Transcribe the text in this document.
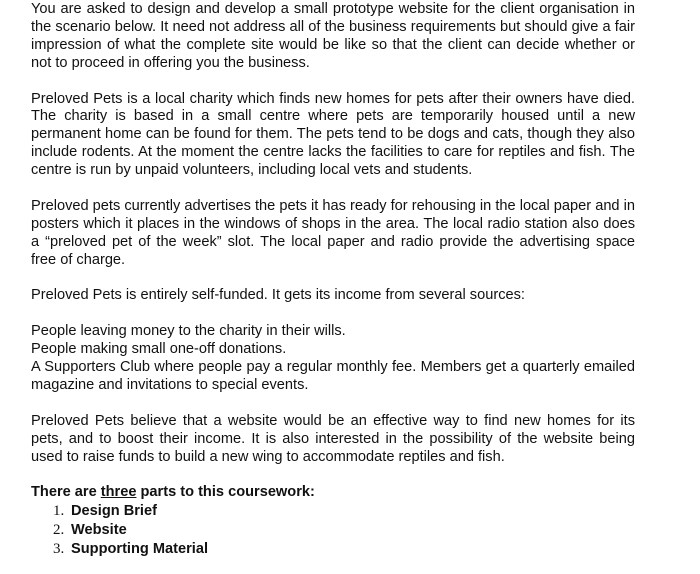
You are asked to design and develop a small prototype website for the client organisation in the scenario below. It need not address all of the business requirements but should give a fair impression of what the complete site would be like so that the client can decide whether or not to proceed in offering you the business.

Preloved Pets is a local charity which finds new homes for pets after their owners have died. The charity is based in a small centre where pets are temporarily housed until a new permanent home can be found for them. The pets tend to be dogs and cats, though they also include rodents. At the moment the centre lacks the facilities to care for reptiles and fish. The centre is run by unpaid volunteers, including local vets and students.

Preloved pets currently advertises the pets it has ready for rehousing in the local paper and in posters which it places in the windows of shops in the area. The local radio station also does a “preloved pet of the week” slot. The local paper and radio provide the advertising space free of charge.

Preloved Pets is entirely self-funded. It gets its income from several sources:

People leaving money to the charity in their wills.

People making small one-off donations.

A Supporters Club where people pay a regular monthly fee. Members get a quarterly emailed magazine and invitations to special events.

Preloved Pets believe that a website would be an effective way to find new homes for its pets, and to boost their income. It is also interested in the possibility of the website being used to raise funds to build a new wing to accommodate reptiles and fish.

There are three parts to this coursework:
1. Design Brief
2. Website
3. Supporting Material
